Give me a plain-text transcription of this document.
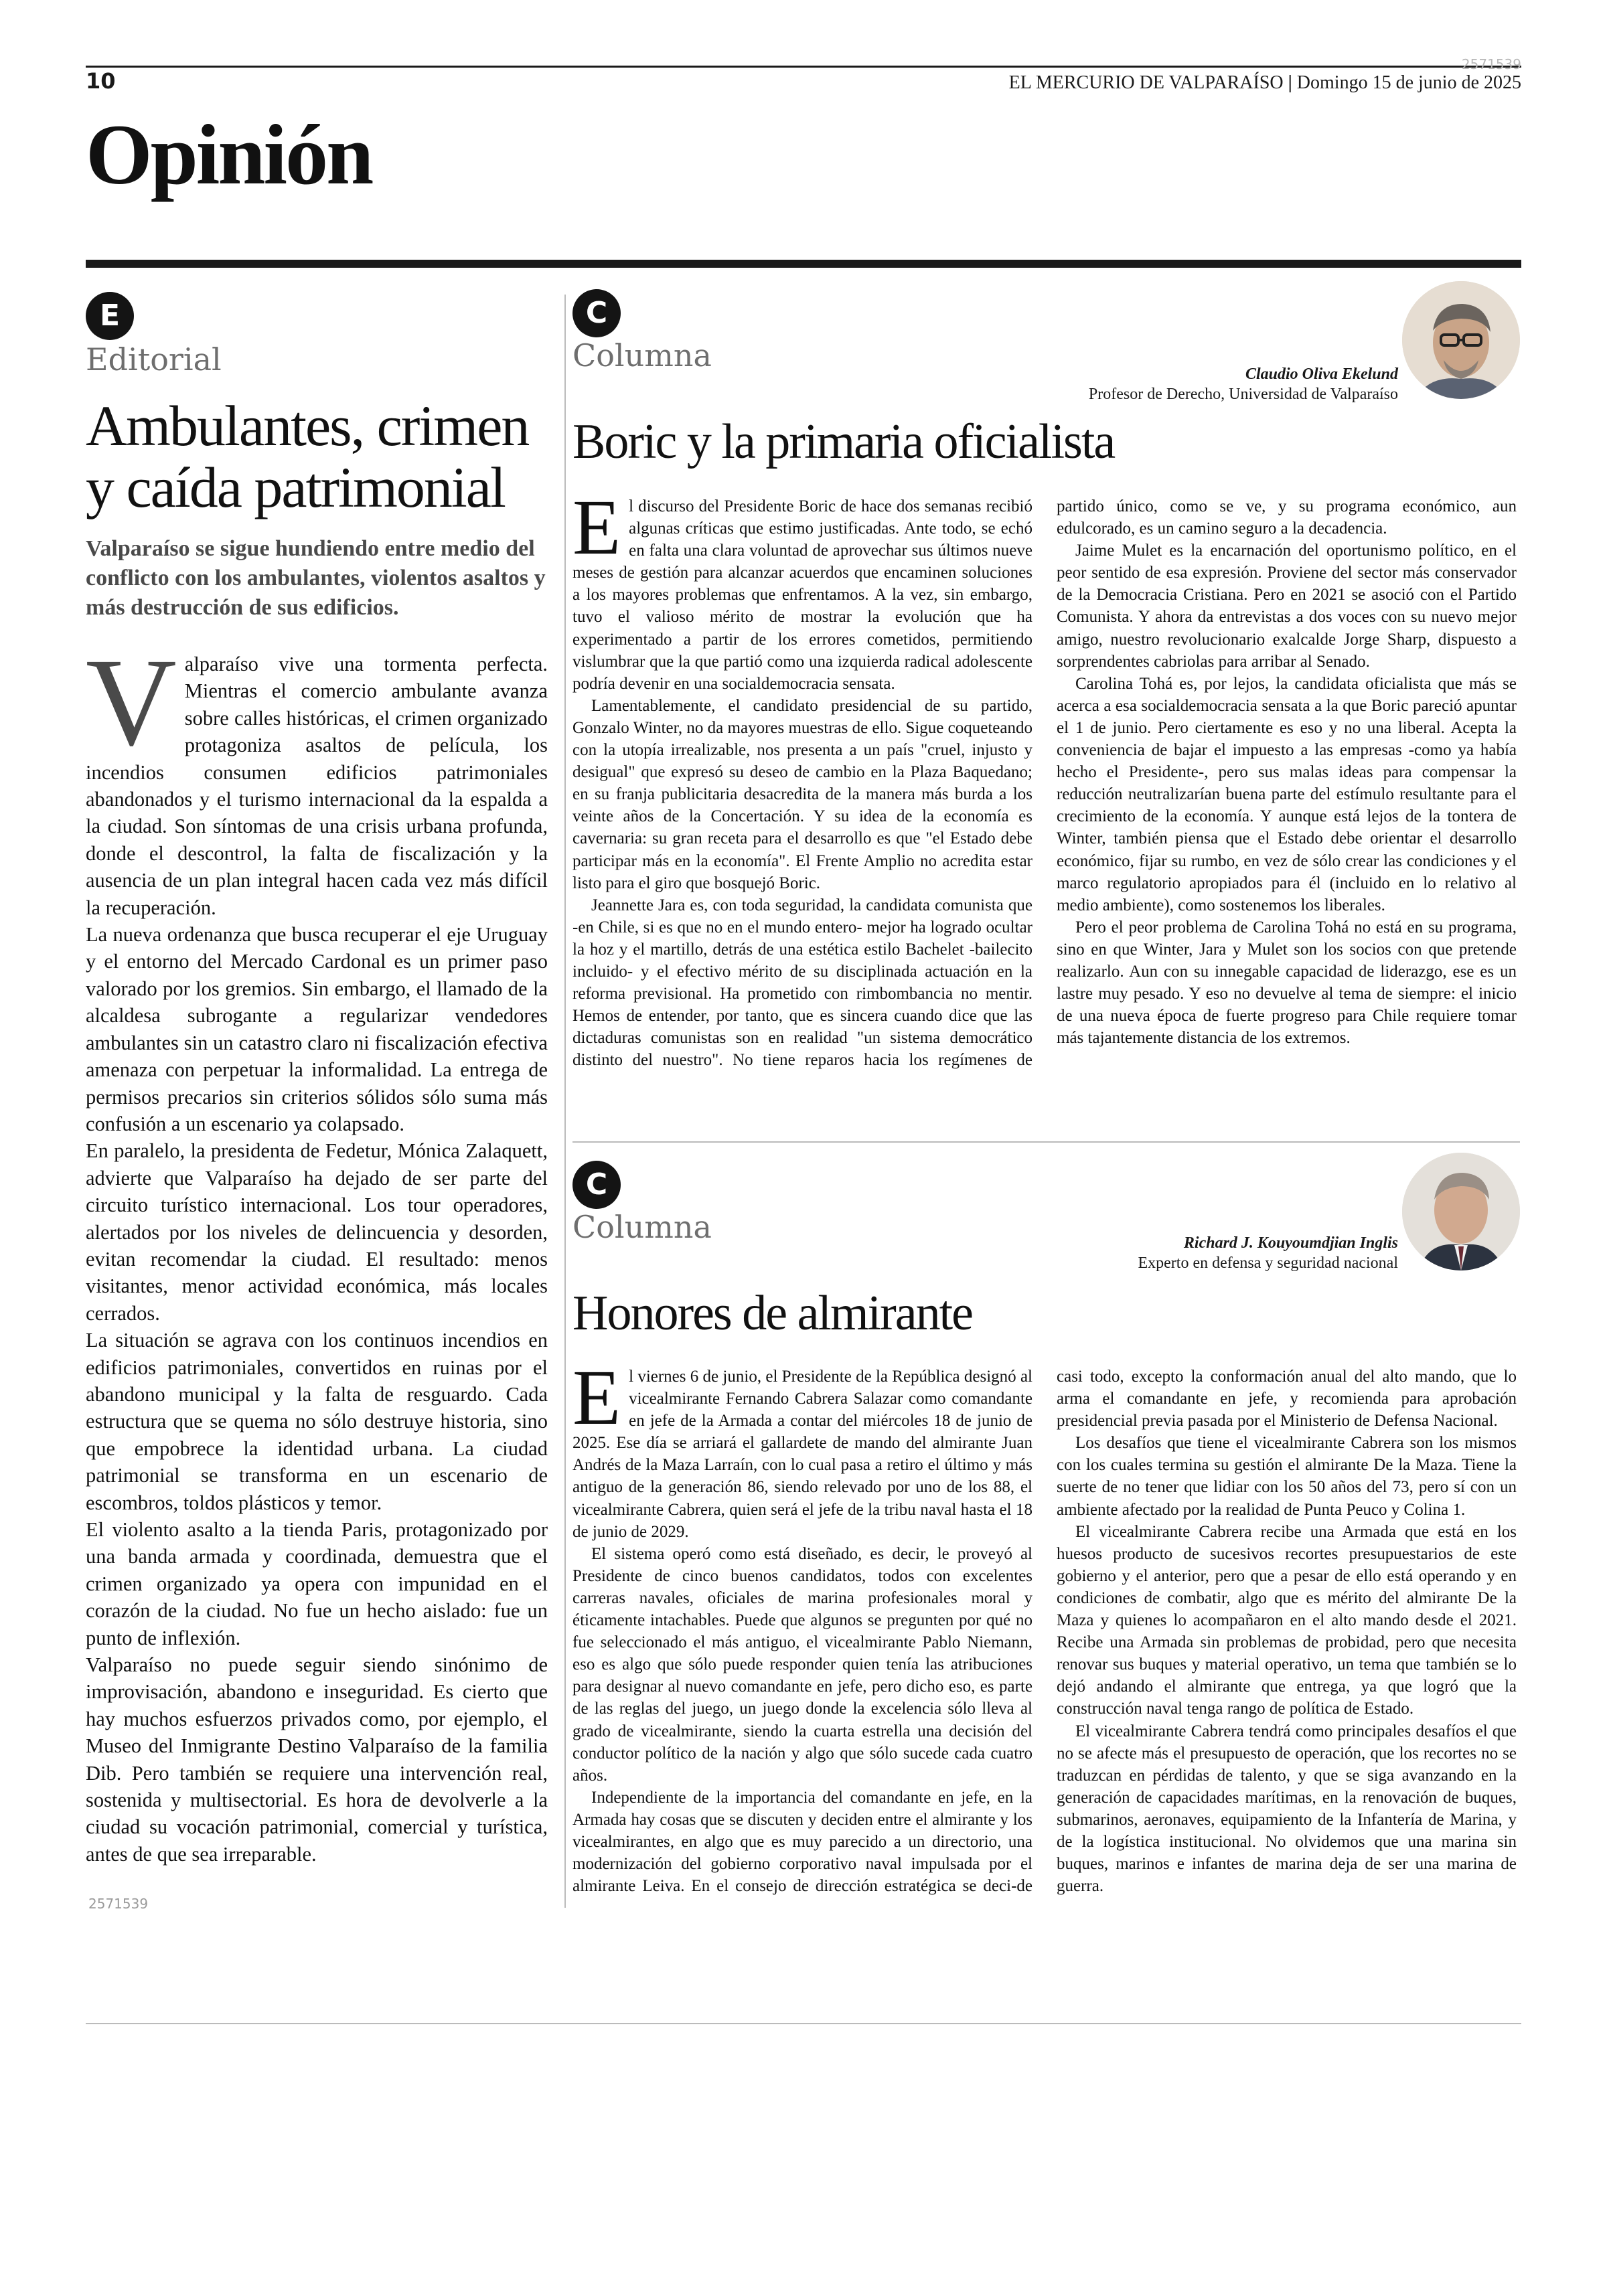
10	EL MERCURIO DE VALPARAÍSO | Domingo 15 de junio de 2025
2571539
Opinión
E
Editorial
Ambulantes, crimen
y caída patrimonial
Valparaíso se sigue hundiendo entre medio del conflicto con los ambulantes, violentos asaltos y más destrucción de sus edificios.
V alparaíso vive una tormenta perfecta. Mientras el comercio ambulante avanza sobre calles históricas, el crimen organizado protagoniza asaltos de película, los incendios consumen edificios patrimoniales abandonados y el turismo internacional da la espalda a la ciudad. Son síntomas de una crisis urbana profunda, donde el descontrol, la falta de fiscalización y la ausencia de un plan integral hacen cada vez más difícil la recuperación.

La nueva ordenanza que busca recuperar el eje Uruguay y el entorno del Mercado Cardonal es un primer paso valorado por los gremios. Sin embargo, el llamado de la alcaldesa subrogante a regularizar vendedores ambulantes sin un catastro claro ni fiscalización efectiva amenaza con perpetuar la informalidad. La entrega de permisos precarios sin criterios sólidos sólo suma más confusión a un escenario ya colapsado.

En paralelo, la presidenta de Fedetur, Mónica Zalaquett, advierte que Valparaíso ha dejado de ser parte del circuito turístico internacional. Los tour operadores, alertados por los niveles de delincuencia y desorden, evitan recomendar la ciudad. El resultado: menos visitantes, menor actividad económica, más locales cerrados.

La situación se agrava con los continuos incendios en edificios patrimoniales, convertidos en ruinas por el abandono municipal y la falta de resguardo. Cada estructura que se quema no sólo destruye historia, sino que empobrece la identidad urbana. La ciudad patrimonial se transforma en un escenario de escombros, toldos plásticos y temor.

El violento asalto a la tienda Paris, protagonizado por una banda armada y coordinada, demuestra que el crimen organizado ya opera con impunidad en el corazón de la ciudad. No fue un hecho aislado: fue un punto de inflexión.

Valparaíso no puede seguir siendo sinónimo de improvisación, abandono e inseguridad. Es cierto que hay muchos esfuerzos privados como, por ejemplo, el Museo del Inmigrante Destino Valparaíso de la familia Dib. Pero también se requiere una intervención real, sostenida y multisectorial. Es hora de devolverle a la ciudad su vocación patrimonial, comercial y turística, antes de que sea irreparable.

2571539
C
Columna
Claudio Oliva Ekelund
Profesor de Derecho, Universidad de Valparaíso
Boric y la primaria oficialista
E l discurso del Presidente Boric de hace dos semanas recibió algunas críticas que estimo justificadas. Ante todo, se echó en falta una clara voluntad de aprovechar sus últimos nueve meses de gestión para alcanzar acuerdos que encaminen soluciones a los mayores problemas que enfrentamos. A la vez, sin embargo, tuvo el valioso mérito de mostrar la evolución que ha experimentado a partir de los errores cometidos, permitiendo vislumbrar que la que partió como una izquierda radical adolescente podría devenir en una socialdemocracia sensata.

Lamentablemente, el candidato presidencial de su partido, Gonzalo Winter, no da mayores muestras de ello. Sigue coqueteando con la utopía irrealizable, nos presenta a un país "cruel, injusto y desigual" que expresó su deseo de cambio en la Plaza Baquedano; en su franja publicitaria desacredita de la manera más burda a los veinte años de la Concertación. Y su idea de la economía es cavernaria: su gran receta para el desarrollo es que "el Estado debe participar más en la economía". El Frente Amplio no acredita estar listo para el giro que bosquejó Boric.

Jeannette Jara es, con toda seguridad, la candidata comunista que -en Chile, si es que no en el mundo entero- mejor ha logrado ocultar la hoz y el martillo, detrás de una estética estilo Bachelet -bailecito incluido- y el efectivo mérito de su disciplinada actuación en la reforma previsional. Ha prometido con rimbombancia no mentir. Hemos de entender, por tanto, que es sincera cuando dice que las dictaduras comunistas son en realidad "un sistema democrático distinto del nuestro". No tiene reparos hacia los regímenes de partido único, como se ve, y su programa económico, aun edulcorado, es un camino seguro a la decadencia.

Jaime Mulet es la encarnación del oportunismo político, en el peor sentido de esa expresión. Proviene del sector más conservador de la Democracia Cristiana. Pero en 2021 se asoció con el Partido Comunista. Y ahora da entrevistas a dos voces con su nuevo mejor amigo, nuestro revolucionario exalcalde Jorge Sharp, dispuesto a sorprendentes cabriolas para arribar al Senado.

Carolina Tohá es, por lejos, la candidata oficialista que más se acerca a esa socialdemocracia sensata a la que Boric pareció apuntar el 1 de junio. Pero ciertamente es eso y no una liberal. Acepta la conveniencia de bajar el impuesto a las empresas -como ya había hecho el Presidente-, pero sus malas ideas para compensar la reducción neutralizarían buena parte del estímulo resultante para el crecimiento de la economía. Y aunque está lejos de la tontera de Winter, también piensa que el Estado debe orientar el desarrollo económico, fijar su rumbo, en vez de sólo crear las condiciones y el marco regulatorio apropiados para él (incluido en lo relativo al medio ambiente), como sostenemos los liberales.

Pero el peor problema de Carolina Tohá no está en su programa, sino en que Winter, Jara y Mulet son los socios con que pretende realizarlo. Aun con su innegable capacidad de liderazgo, ese es un lastre muy pesado. Y eso no devuelve al tema de siempre: el inicio de una nueva época de fuerte progreso para Chile requiere tomar más tajantemente distancia de los extremos.

C
Columna	Richard J. Kouyoumdjian Inglis
Experto en defensa y seguridad nacional
Honores de almirante
E l viernes 6 de junio, el Presidente de la República designó al vicealmirante Fernando Cabrera Salazar como comandante en jefe de la Armada a contar del miércoles 18 de junio de 2025. Ese día se arriará el gallardete de mando del almirante Juan Andrés de la Maza Larraín, con lo cual pasa a retiro el último y más antiguo de la generación 86, siendo relevado por uno de los 88, el vicealmirante Cabrera, quien será el jefe de la tribu naval hasta el 18 de junio de 2029.

El sistema operó como está diseñado, es decir, le proveyó al Presidente de cinco buenos candidatos, todos con excelentes carreras navales, oficiales de marina profesionales moral y éticamente intachables. Puede que algunos se pregunten por qué no fue seleccionado el más antiguo, el vicealmirante Pablo Niemann, eso es algo que sólo puede responder quien tenía las atribuciones para designar al nuevo comandante en jefe, pero dicho eso, es parte de las reglas del juego, un juego donde la excelencia sólo lleva al grado de vicealmirante, siendo la cuarta estrella una decisión del conductor político de la nación y algo que sólo sucede cada cuatro años.

Independiente de la importancia del comandante en jefe, en la Armada hay cosas que se discuten y deciden entre el almirante y los vicealmirantes, en algo que es muy parecido a un directorio, una modernización del gobierno corporativo naval impulsada por el almirante Leiva. En el consejo de dirección estratégica se deci-de casi todo, excepto la conformación anual del alto mando, que lo arma el comandante en jefe, y recomienda para aprobación presidencial previa pasada por el Ministerio de Defensa Nacional.

Los desafíos que tiene el vicealmirante Cabrera son los mismos con los cuales termina su gestión el almirante De la Maza. Tiene la suerte de no tener que lidiar con los 50 años del 73, pero sí con un ambiente afectado por la realidad de Punta Peuco y Colina 1.

El vicealmirante Cabrera recibe una Armada que está en los huesos producto de sucesivos recortes presupuestarios de este gobierno y el anterior, pero que a pesar de ello está operando y en condiciones de combatir, algo que es mérito del almirante De la Maza y quienes lo acompañaron en el alto mando desde el 2021. Recibe una Armada sin problemas de probidad, pero que necesita renovar sus buques y material operativo, un tema que también se lo dejó andando el almirante que entrega, ya que logró que la construcción naval tenga rango de política de Estado.

El vicealmirante Cabrera tendrá como principales desafíos el que no se afecte más el presupuesto de operación, que los recortes no se traduzcan en pérdidas de talento, y que se siga avanzando en la generación de capacidades marítimas, en la renovación de buques, submarinos, aeronaves, equipamiento de la Infantería de Marina, y de la logística institucional. No olvidemos que una marina sin buques, marinos e infantes de marina deja de ser una marina de guerra.
